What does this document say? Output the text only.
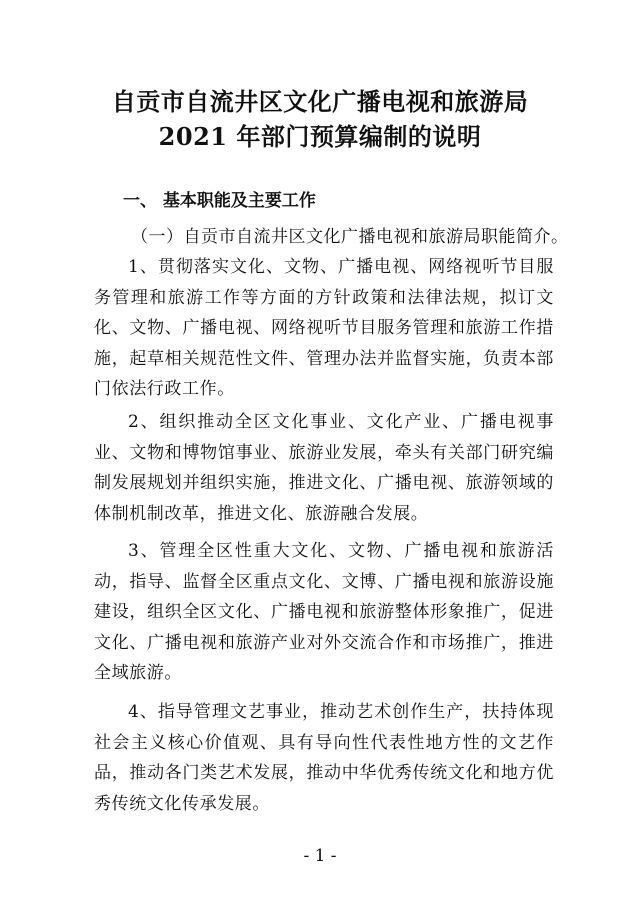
自贡市自流井区文化广播电视和旅游局
2021 年部门预算编制的说明
一、 基本职能及主要工作
（一）自贡市自流井区文化广播电视和旅游局职能简介。
1、贯彻落实文化、文物、广播电视、网络视听节目服务管理和旅游工作等方面的方针政策和法律法规，拟订文化、文物、广播电视、网络视听节目服务管理和旅游工作措施，起草相关规范性文件、管理办法并监督实施，负责本部门依法行政工作。
2、组织推动全区文化事业、文化产业、广播电视事业、文物和博物馆事业、旅游业发展，牵头有关部门研究编制发展规划并组织实施，推进文化、广播电视、旅游领域的体制机制改革，推进文化、旅游融合发展。
3、管理全区性重大文化、文物、广播电视和旅游活动，指导、监督全区重点文化、文博、广播电视和旅游设施建设，组织全区文化、广播电视和旅游整体形象推广，促进文化、广播电视和旅游产业对外交流合作和市场推广，推进全域旅游。
4、指导管理文艺事业，推动艺术创作生产，扶持体现社会主义核心价值观、具有导向性代表性地方性的文艺作品，推动各门类艺术发展，推动中华优秀传统文化和地方优秀传统文化传承发展。
- 1 -
